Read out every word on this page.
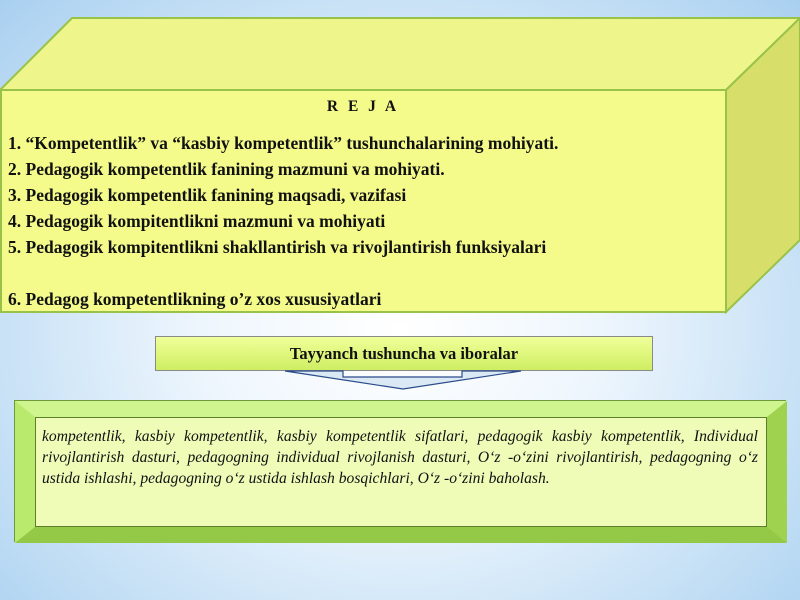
R E J A
1. “Kompetentlik” va “kasbiy kompetentlik” tushunchalarining mohiyati.
2. Pedagogik kompetentlik fanining mazmuni va mohiyati.
3. Pedagogik kompetentlik fanining maqsadi, vazifasi
4. Pedagogik kompitentlikni mazmuni va mohiyati
5. Pedagogik kompitentlikni shakllantirish va rivojlantirish funksiyalari
6. Pedagog kompetentlikning o’z xos xususiyatlari
Tayyanch tushuncha va iboralar
kompetentlik, kasbiy kompetentlik, kasbiy kompetentlik sifatlari, pedagogik kasbiy kompetentlik, Individual rivojlantirish dasturi, pedagogning individual rivojlanish dasturi, O‘z -o‘zini rivojlantirish, pedagogning o‘z ustida ishlashi, pedagogning o‘z ustida ishlash bosqichlari, O‘z -o‘zini baholash.
